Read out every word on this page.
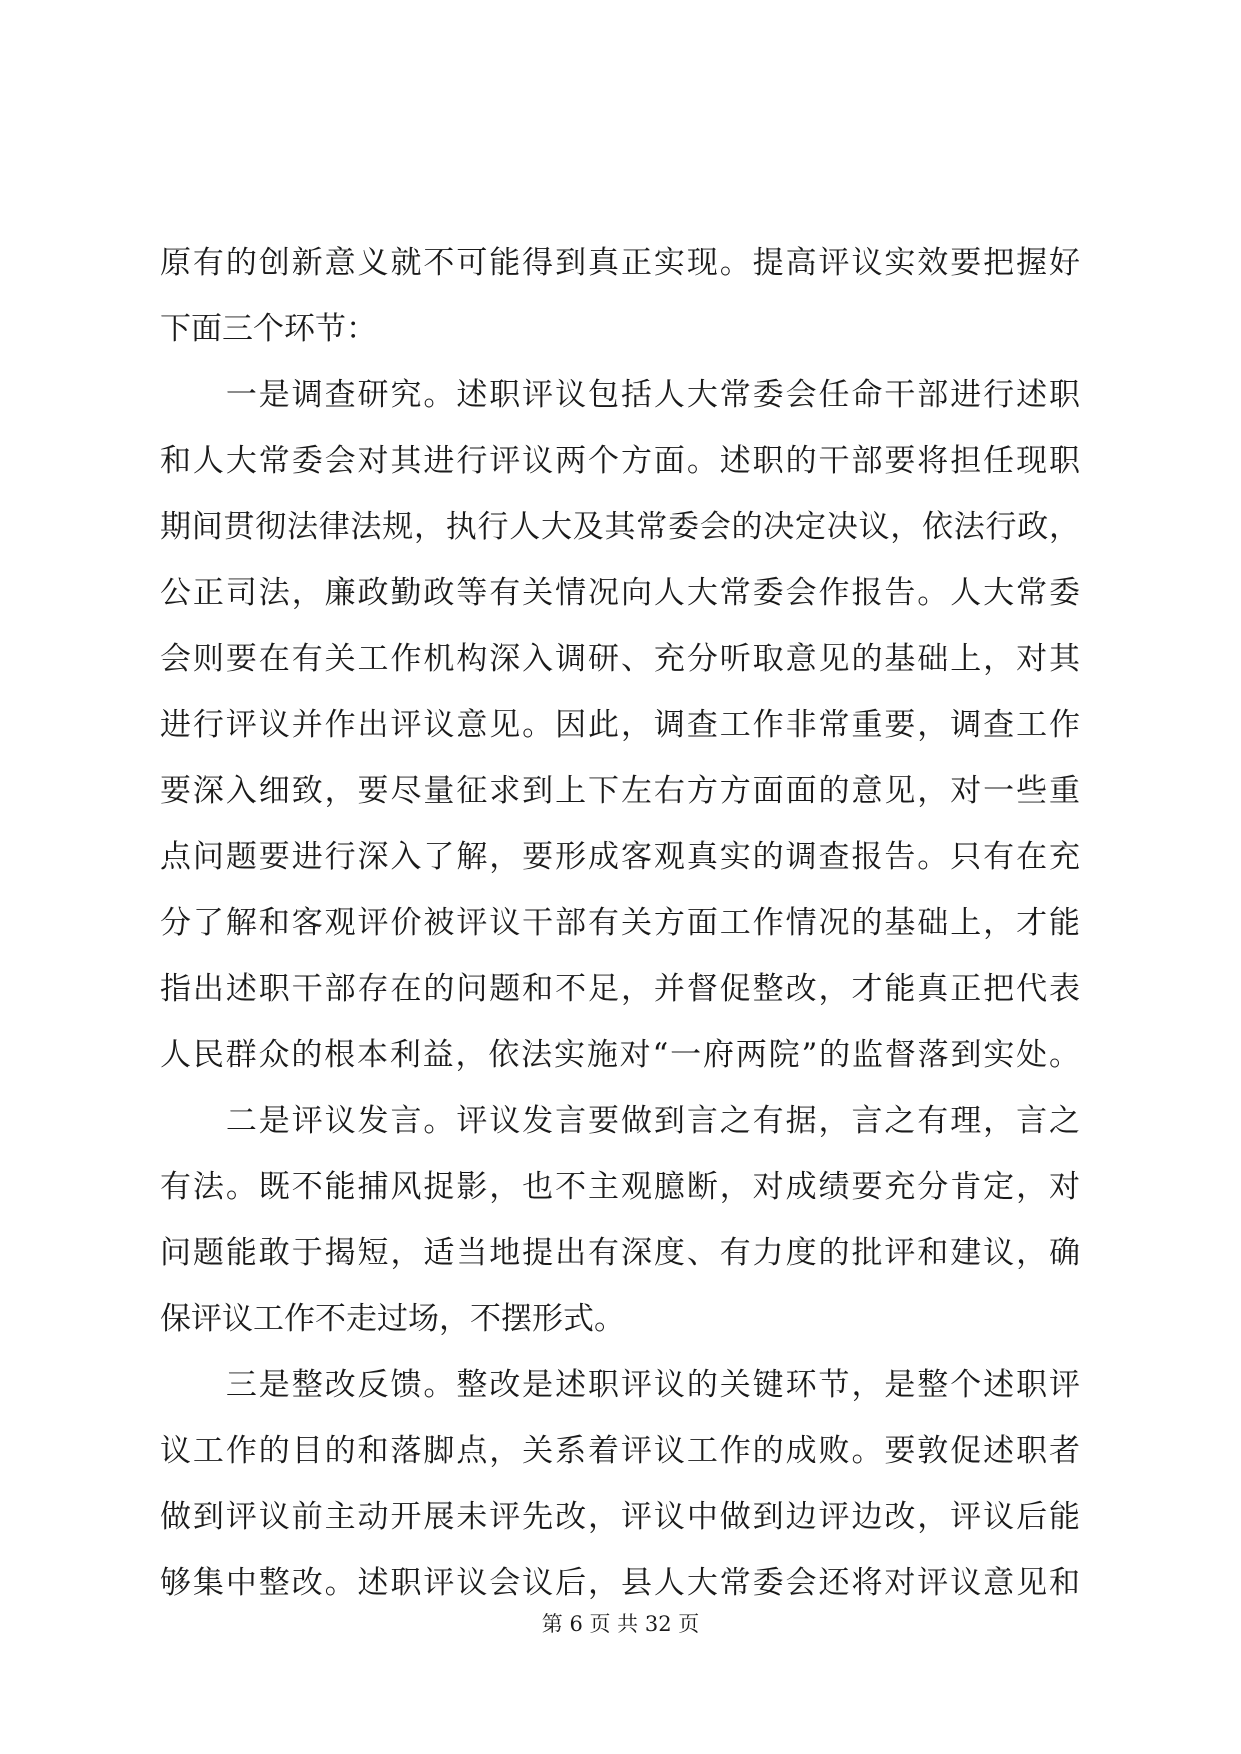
原有的创新意义就不可能得到真正实现。提高评议实效要把握好
下面三个环节：
　　一是调查研究。述职评议包括人大常委会任命干部进行述职
和人大常委会对其进行评议两个方面。述职的干部要将担任现职
期间贯彻法律法规，执行人大及其常委会的决定决议，依法行政，
公正司法，廉政勤政等有关情况向人大常委会作报告。人大常委
会则要在有关工作机构深入调研、充分听取意见的基础上，对其
进行评议并作出评议意见。因此，调查工作非常重要，调查工作
要深入细致，要尽量征求到上下左右方方面面的意见，对一些重
点问题要进行深入了解，要形成客观真实的调查报告。只有在充
分了解和客观评价被评议干部有关方面工作情况的基础上，才能
指出述职干部存在的问题和不足，并督促整改，才能真正把代表
人民群众的根本利益，依法实施对“一府两院”的监督落到实处。
　　二是评议发言。评议发言要做到言之有据，言之有理，言之
有法。既不能捕风捉影，也不主观臆断，对成绩要充分肯定，对
问题能敢于揭短，适当地提出有深度、有力度的批评和建议，确
保评议工作不走过场，不摆形式。
　　三是整改反馈。整改是述职评议的关键环节，是整个述职评
议工作的目的和落脚点，关系着评议工作的成败。要敦促述职者
做到评议前主动开展未评先改，评议中做到边评边改，评议后能
够集中整改。述职评议会议后，县人大常委会还将对评议意见和
第 6 页 共 32 页
